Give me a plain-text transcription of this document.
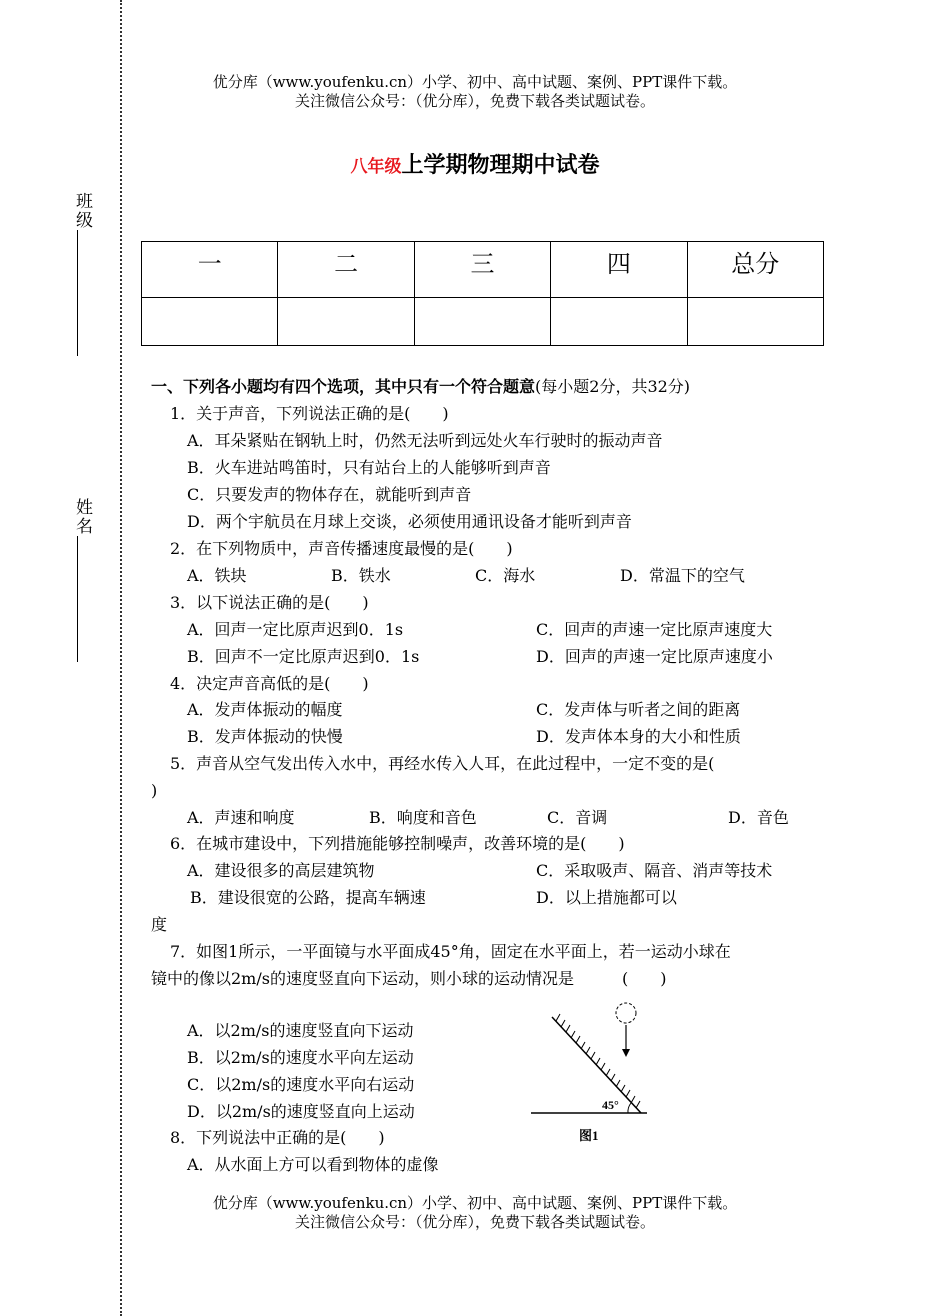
班级
姓名
优分库（www.youfenku.cn）小学、初中、高中试题、案例、PPT课件下载。
关注微信公众号：（优分库），免费下载各类试题试卷。
八年级上学期物理期中试卷
一	二	三	四	总分

一、下列各小题均有四个选项，其中只有一个符合题意(每小题2分，共32分)
1．关于声音，下列说法正确的是(　　)
A．耳朵紧贴在钢轨上时，仍然无法听到远处火车行驶时的振动声音
B．火车进站鸣笛时，只有站台上的人能够听到声音
C．只要发声的物体存在，就能听到声音
D．两个宇航员在月球上交谈，必须使用通讯设备才能听到声音
2．在下列物质中，声音传播速度最慢的是(　　)
A．铁块	B．铁水	C．海水	D．常温下的空气
3．以下说法正确的是(　　)
A．回声一定比原声迟到0．1s	C．回声的声速一定比原声速度大
B．回声不一定比原声迟到0．1s	D．回声的声速一定比原声速度小
4．决定声音高低的是(　　)
A．发声体振动的幅度	C．发声体与听者之间的距离
B．发声体振动的快慢	D．发声体本身的大小和性质
5．声音从空气发出传入水中，再经水传入人耳，在此过程中，一定不变的是(
)
A．声速和响度	B．响度和音色	C．音调	D．音色
6．在城市建设中，下列措施能够控制噪声，改善环境的是(　　)
A．建设很多的高层建筑物	C．采取吸声、隔音、消声等技术
B．建设很宽的公路，提高车辆速	D．以上措施都可以
度
7．如图1所示，一平面镜与水平面成45°角，固定在水平面上，若一运动小球在
镜中的像以2m/s的速度竖直向下运动，则小球的运动情况是　　　(　　)
A．以2m/s的速度竖直向下运动
B．以2m/s的速度水平向左运动
C．以2m/s的速度水平向右运动
D．以2m/s的速度竖直向上运动	45°
图1
8．下列说法中正确的是(　　)
A．从水面上方可以看到物体的虚像
优分库（www.youfenku.cn）小学、初中、高中试题、案例、PPT课件下载。
关注微信公众号：（优分库），免费下载各类试题试卷。
